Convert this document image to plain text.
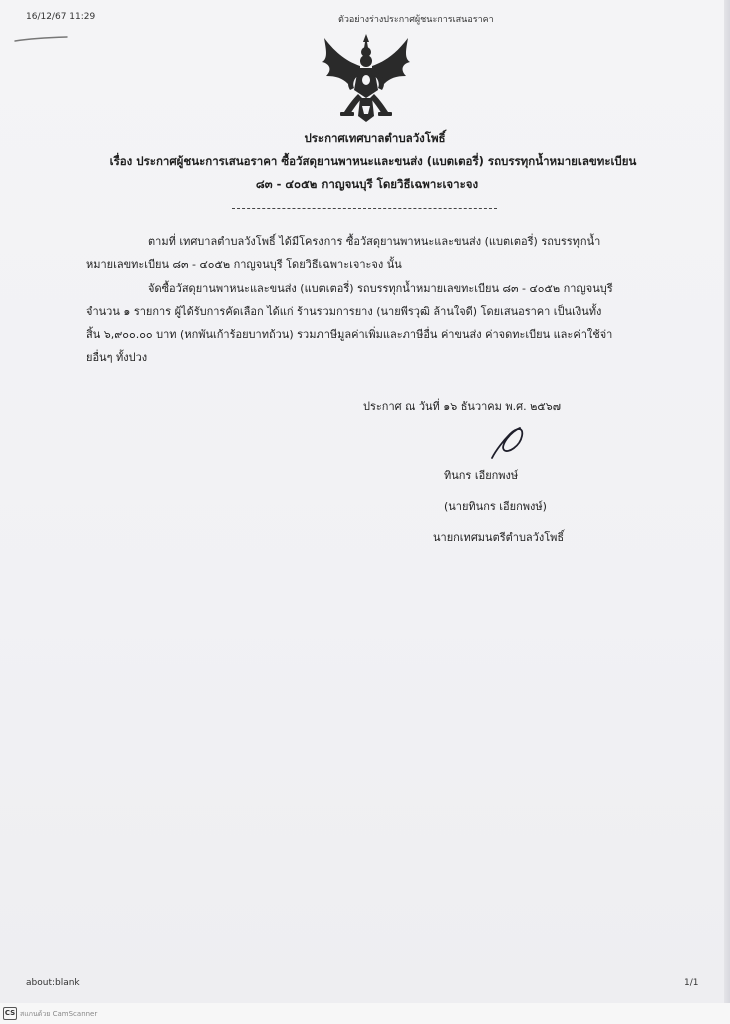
16/12/67 11:29	ตัวอย่างร่างประกาศผู้ชนะการเสนอราคา
ประกาศเทศบาลตำบลวังโพธิ์
เรื่อง ประกาศผู้ชนะการเสนอราคา ซื้อวัสดุยานพาหนะและขนส่ง (แบตเตอรี่) รถบรรทุกน้ำหมายเลขทะเบียน
๘๓ - ๔๐๕๒ กาญจนบุรี โดยวิธีเฉพาะเจาะจง
ตามที่ เทศบาลตำบลวังโพธิ์ ได้มีโครงการ ซื้อวัสดุยานพาหนะและขนส่ง (แบตเตอรี่) รถบรรทุกน้ำ
หมายเลขทะเบียน ๘๓ - ๔๐๕๒ กาญจนบุรี โดยวิธีเฉพาะเจาะจง นั้น
จัดซื้อวัสดุยานพาหนะและขนส่ง (แบตเตอรี่) รถบรรทุกน้ำหมายเลขทะเบียน ๘๓ - ๔๐๕๒ กาญจนบุรี
จำนวน ๑ รายการ ผู้ได้รับการคัดเลือก ได้แก่ ร้านรวมการยาง (นายพีรวุฒิ ล้านใจดี) โดยเสนอราคา เป็นเงินทั้ง
สิ้น ๖,๙๐๐.๐๐ บาท (หกพันเก้าร้อยบาทถ้วน) รวมภาษีมูลค่าเพิ่มและภาษีอื่น ค่าขนส่ง ค่าจดทะเบียน และค่าใช้จ่า
ยอื่นๆ ทั้งปวง
ประกาศ ณ วันที่ ๑๖ ธันวาคม พ.ศ. ๒๕๖๗
ทินกร เอียกพงษ์
(นายทินกร เอียกพงษ์)
นายกเทศมนตรีตำบลวังโพธิ์
about:blank	1/1
CS สแกนด้วย CamScanner
